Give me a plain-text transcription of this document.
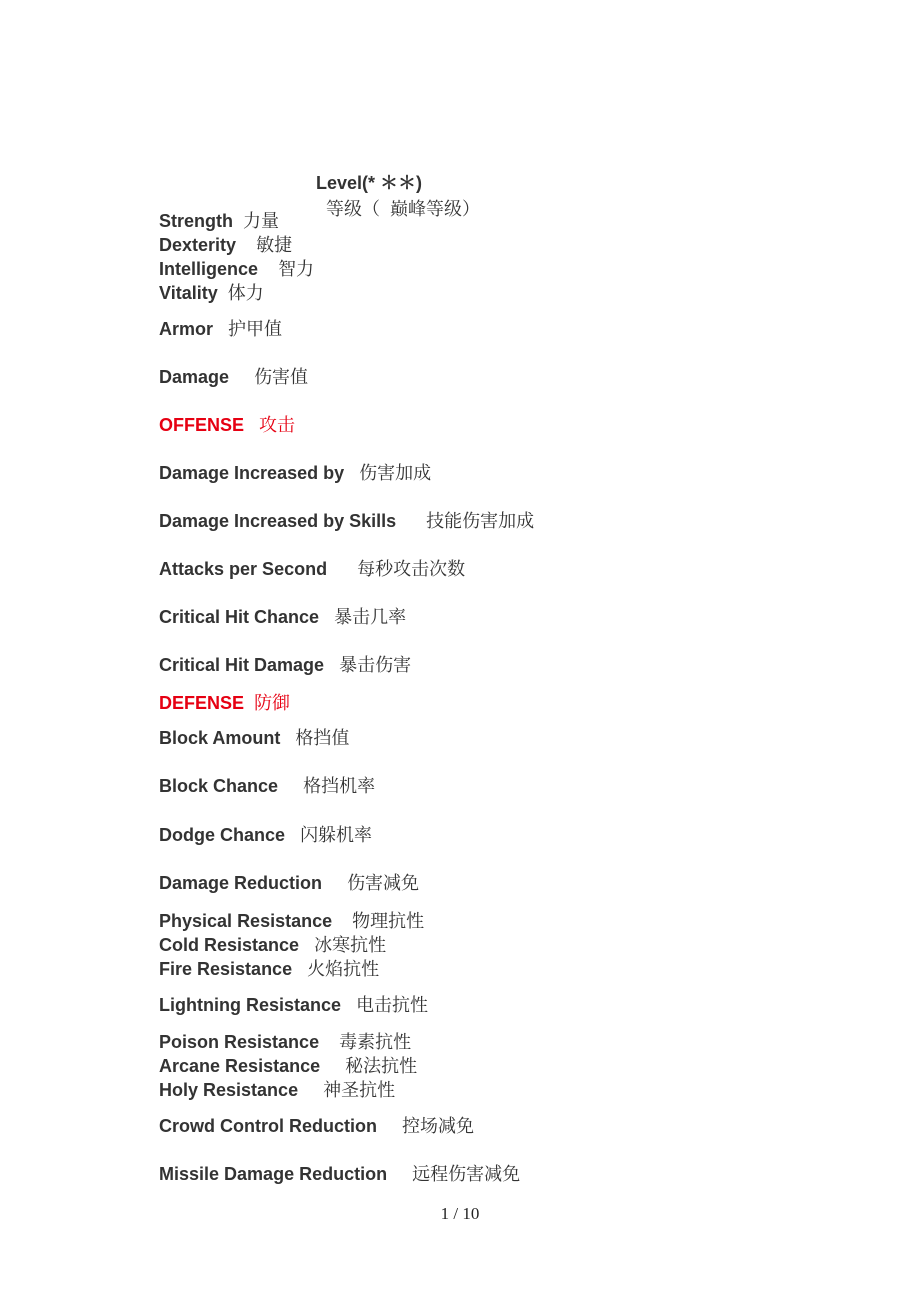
Level(* ＊＊)
等级（  巅峰等级）

Strength 力量

Dexterity 敏捷

Intelligence 智力

Vitality 体力

Armor 护甲值

Damage 伤害值

OFFENSE 攻击

Damage Increased by 伤害加成

Damage Increased by Skills 技能伤害加成

Attacks per Second 每秒攻击次数

Critical Hit Chance 暴击几率

Critical Hit Damage 暴击伤害

DEFENSE 防御

Block Amount 格挡值

Block Chance 格挡机率

Dodge Chance 闪躲机率

Damage Reduction 伤害减免

Physical Resistance 物理抗性

Cold Resistance 冰寒抗性

Fire Resistance 火焰抗性

Lightning Resistance 电击抗性

Poison Resistance 毒素抗性

Arcane Resistance 秘法抗性

Holy Resistance 神圣抗性

Crowd Control Reduction 控场减免

Missile Damage Reduction 远程伤害减免

1 / 10
